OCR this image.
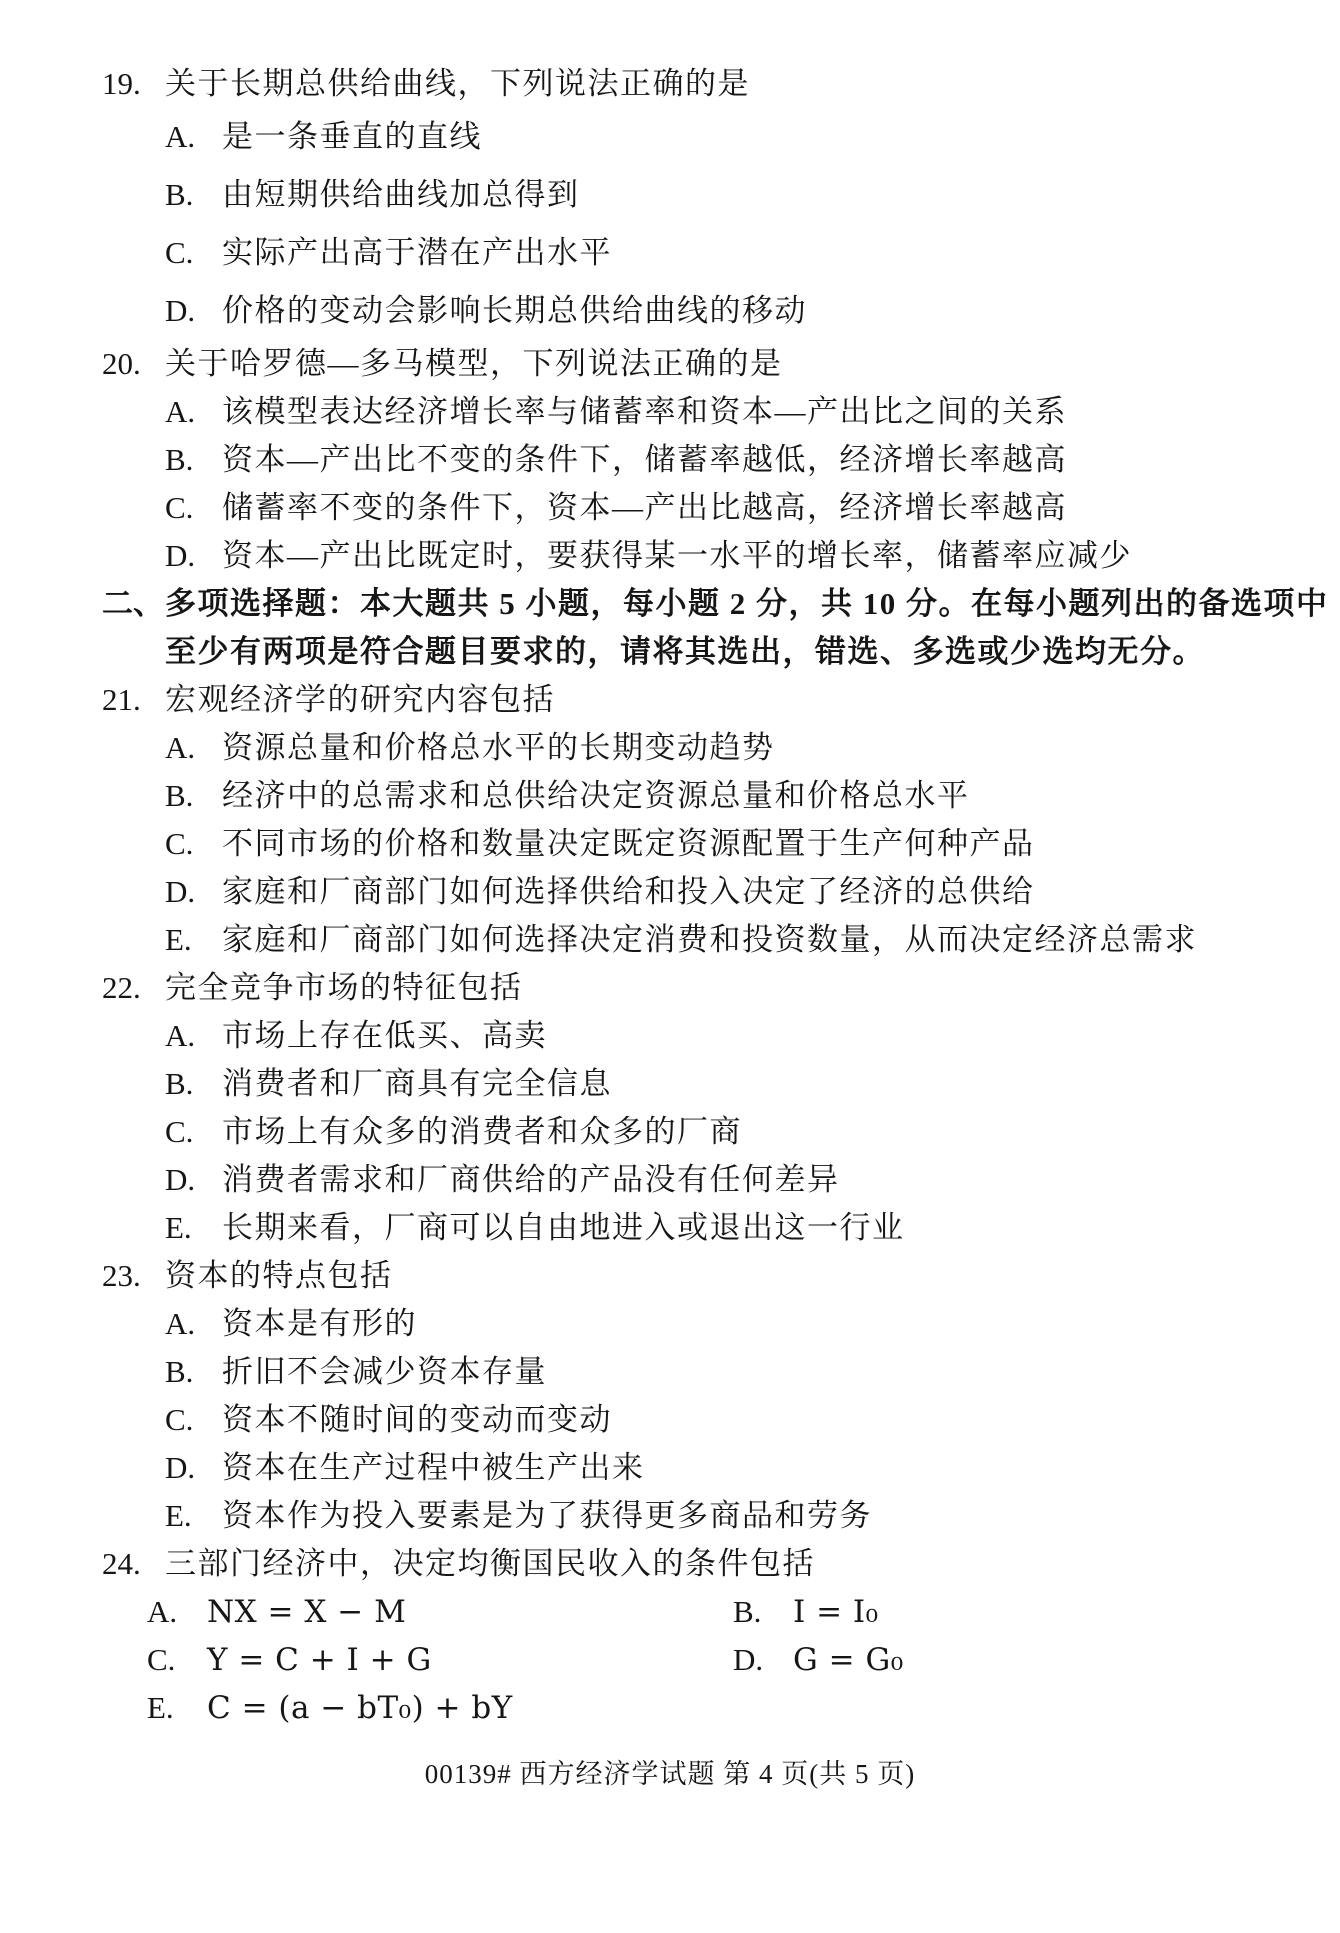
19. 关于长期总供给曲线，下列说法正确的是
A. 是一条垂直的直线
B. 由短期供给曲线加总得到
C. 实际产出高于潜在产出水平
D. 价格的变动会影响长期总供给曲线的移动
20. 关于哈罗德—多马模型，下列说法正确的是
A. 该模型表达经济增长率与储蓄率和资本—产出比之间的关系
B. 资本—产出比不变的条件下，储蓄率越低，经济增长率越高
C. 储蓄率不变的条件下，资本—产出比越高，经济增长率越高
D. 资本—产出比既定时，要获得某一水平的增长率，储蓄率应减少
二、多项选择题：本大题共 5 小题，每小题 2 分，共 10 分。在每小题列出的备选项中
至少有两项是符合题目要求的，请将其选出，错选、多选或少选均无分。
21. 宏观经济学的研究内容包括
A. 资源总量和价格总水平的长期变动趋势
B. 经济中的总需求和总供给决定资源总量和价格总水平
C. 不同市场的价格和数量决定既定资源配置于生产何种产品
D. 家庭和厂商部门如何选择供给和投入决定了经济的总供给
E. 家庭和厂商部门如何选择决定消费和投资数量，从而决定经济总需求
22. 完全竞争市场的特征包括
A. 市场上存在低买、高卖
B. 消费者和厂商具有完全信息
C. 市场上有众多的消费者和众多的厂商
D. 消费者需求和厂商供给的产品没有任何差异
E. 长期来看，厂商可以自由地进入或退出这一行业
23. 资本的特点包括
A. 资本是有形的
B. 折旧不会减少资本存量
C. 资本不随时间的变动而变动
D. 资本在生产过程中被生产出来
E. 资本作为投入要素是为了获得更多商品和劳务
24. 三部门经济中，决定均衡国民收入的条件包括
A. NX = X − M	B. I = I₀
C. Y = C + I + G	D. G = G₀
E. C = (a − bT₀) + bY
00139# 西方经济学试题 第 4 页(共 5 页)
